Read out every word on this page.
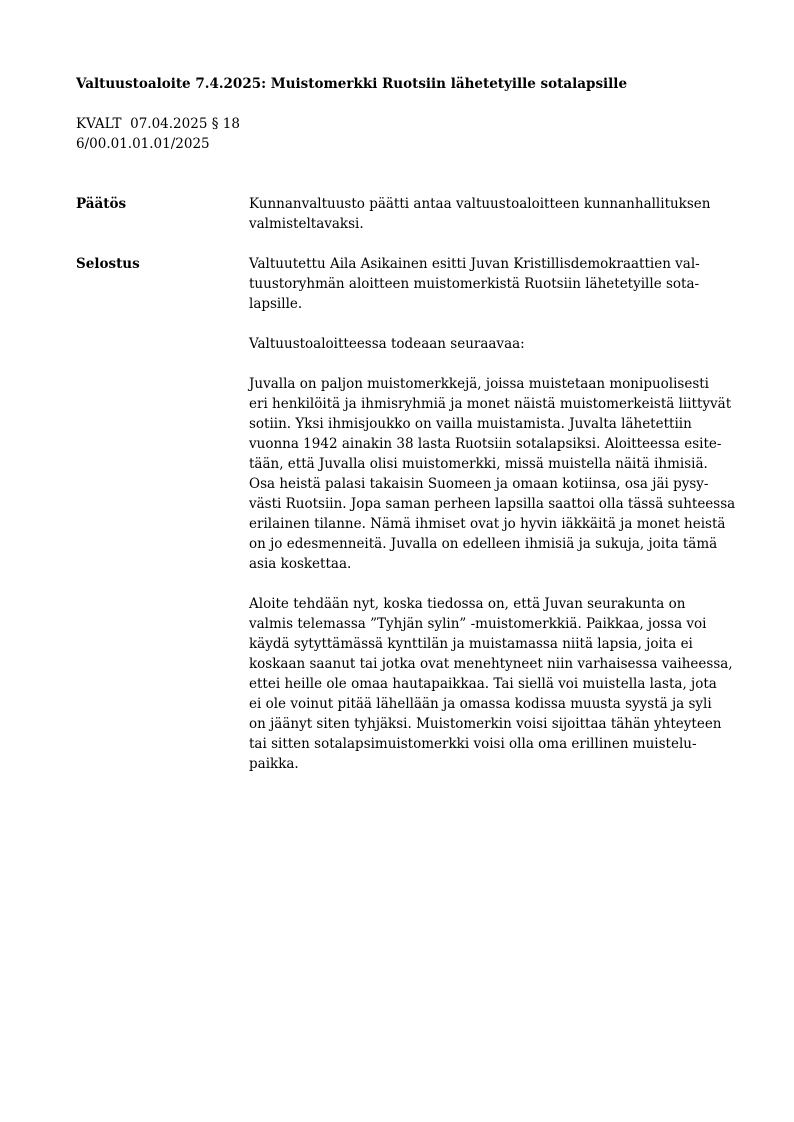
Valtuustoaloite 7.4.2025: Muistomerkki Ruotsiin lähetetyille sotalapsille
KVALT  07.04.2025 § 18
6/00.01.01.01/2025
Päätös	Kunnanvaltuusto päätti antaa valtuustoaloitteen kunnanhallituksen
valmisteltavaksi.
Selostus	Valtuutettu Aila Asikainen esitti Juvan Kristillisdemokraattien val-
tuustoryhmän aloitteen muistomerkistä Ruotsiin lähetetyille sota-
lapsille.
Valtuustoaloitteessa todeaan seuraavaa:
Juvalla on paljon muistomerkkejä, joissa muistetaan monipuolisesti
eri henkilöitä ja ihmisryhmiä ja monet näistä muistomerkeistä liittyvät
sotiin. Yksi ihmisjoukko on vailla muistamista. Juvalta lähetettiin
vuonna 1942 ainakin 38 lasta Ruotsiin sotalapsiksi. Aloitteessa esite-
tään, että Juvalla olisi muistomerkki, missä muistella näitä ihmisiä.
Osa heistä palasi takaisin Suomeen ja omaan kotiinsa, osa jäi pysy-
västi Ruotsiin. Jopa saman perheen lapsilla saattoi olla tässä suhteessa
erilainen tilanne. Nämä ihmiset ovat jo hyvin iäkkäitä ja monet heistä
on jo edesmenneitä. Juvalla on edelleen ihmisiä ja sukuja, joita tämä
asia koskettaa.
Aloite tehdään nyt, koska tiedossa on, että Juvan seurakunta on
valmis telemassa ”Tyhjän sylin” -muistomerkkiä. Paikkaa, jossa voi
käydä sytyttämässä kynttilän ja muistamassa niitä lapsia, joita ei
koskaan saanut tai jotka ovat menehtyneet niin varhaisessa vaiheessa,
ettei heille ole omaa hautapaikkaa. Tai siellä voi muistella lasta, jota
ei ole voinut pitää lähellään ja omassa kodissa muusta syystä ja syli
on jäänyt siten tyhjäksi. Muistomerkin voisi sijoittaa tähän yhteyteen
tai sitten sotalapsimuistomerkki voisi olla oma erillinen muistelu-
paikka.
